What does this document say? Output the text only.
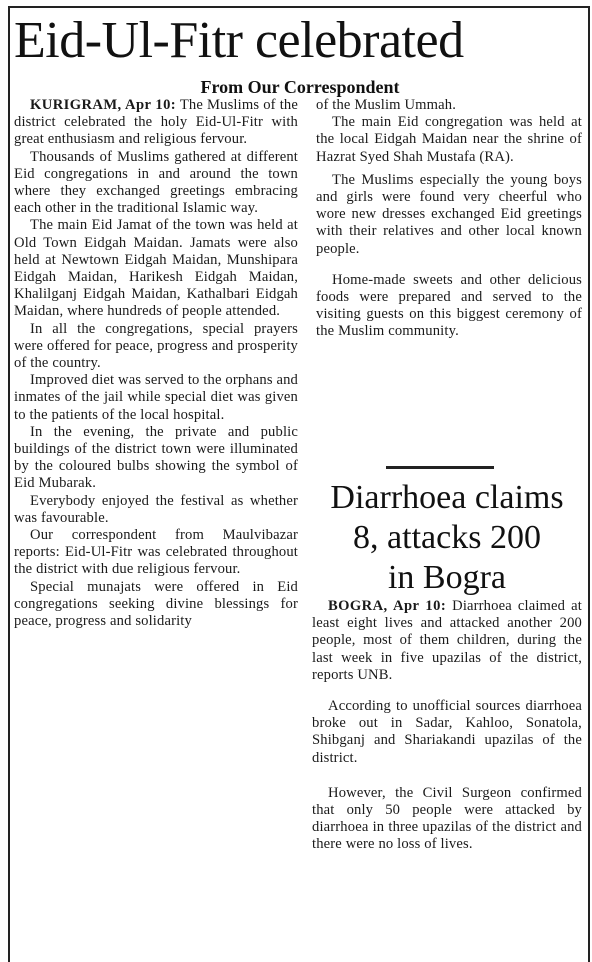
Eid-Ul-Fitr celebrated
From Our Correspondent

KURIGRAM, Apr 10: The Muslims of the district celebrated the holy Eid-Ul-Fitr with great enthusiasm and religious fervour.

Thousands of Muslims gathered at different Eid congregations in and around the town where they exchanged greetings embracing each other in the traditional Islamic way.

The main Eid Jamat of the town was held at Old Town Eidgah Maidan. Jamats were also held at Newtown Eidgah Maidan, Munshipara Eidgah Maidan, Harikesh Eidgah Maidan, Khalilganj Eidgah Maidan, Kathalbari Eidgah Maidan, where hundreds of people attended.

In all the congregations, special prayers were offered for peace, progress and prosperity of the country.

Improved diet was served to the orphans and inmates of the jail while special diet was given to the patients of the local hospital.

In the evening, the private and public buildings of the district town were illuminated by the coloured bulbs showing the symbol of Eid Mubarak.

Everybody enjoyed the festival as whether was favourable.

Our correspondent from Maulvibazar reports: Eid-Ul-Fitr was celebrated throughout the district with due religious fervour.

Special munajats were offered in Eid congregations seeking divine blessings for peace, progress and solidarity

of the Muslim Ummah.

The main Eid congregation was held at the local Eidgah Maidan near the shrine of Hazrat Syed Shah Mustafa (RA).

The Muslims especially the young boys and girls were found very cheerful who wore new dresses exchanged Eid greetings with their relatives and other local known people.

Home-made sweets and other delicious foods were prepared and served to the visiting guests on this biggest ceremony of the Muslim community.

Diarrhoea claims
8, attacks 200
in Bogra

BOGRA, Apr 10: Diarrhoea claimed at least eight lives and attacked another 200 people, most of them children, during the last week in five upazilas of the district, reports UNB.

According to unofficial sources diarrhoea broke out in Sadar, Kahloo, Sonatola, Shibganj and Shariakandi upazilas of the district.

However, the Civil Surgeon confirmed that only 50 people were attacked by diarrhoea in three upazilas of the district and there were no loss of lives.
